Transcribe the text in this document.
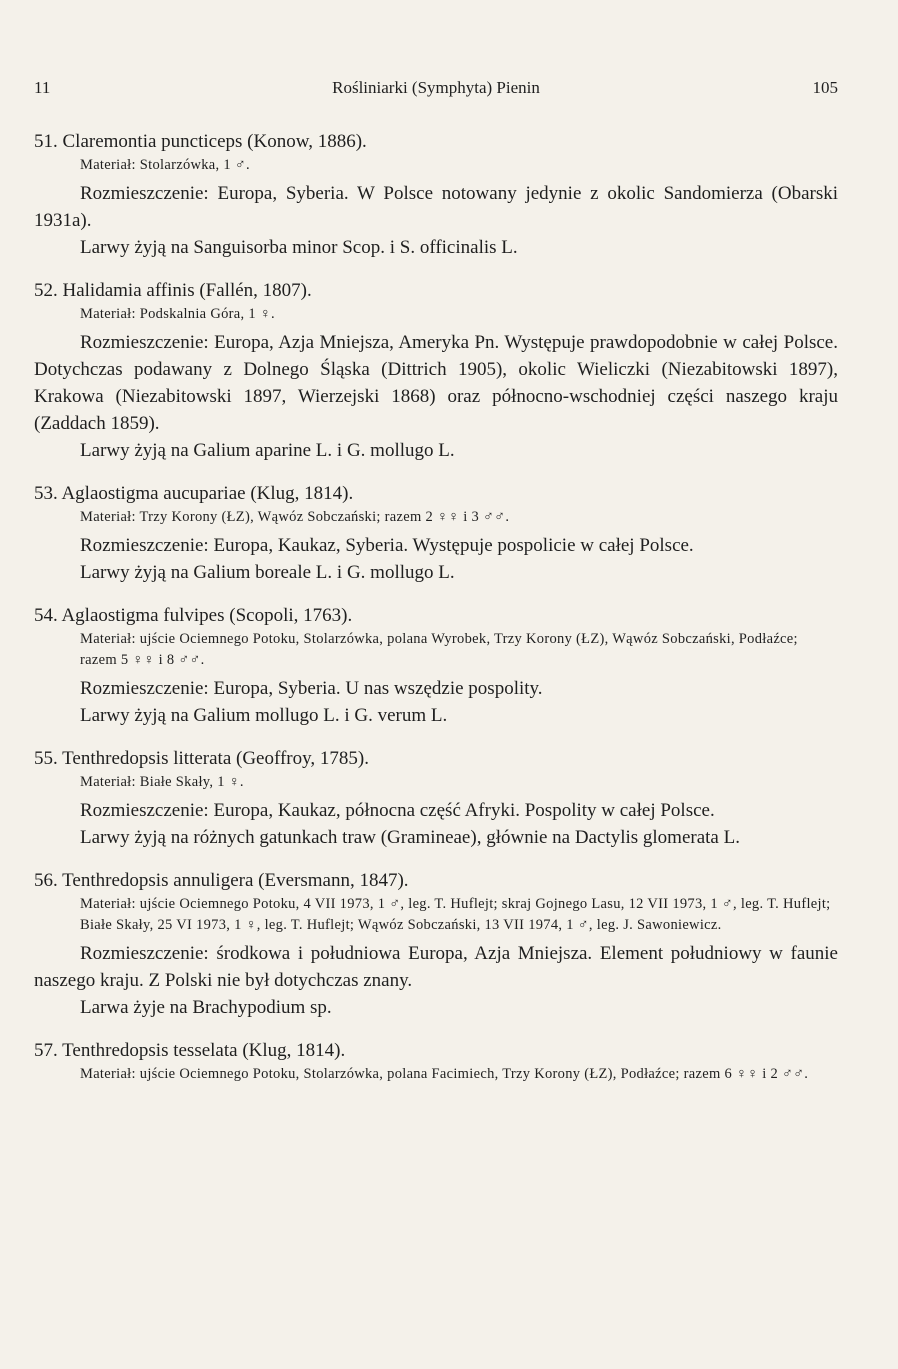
11	Rośliniarki (Symphyta) Pienin	105

51. Claremontia puncticeps (Konow, 1886).

Materiał: Stolarzówka, 1 ♂.

Rozmieszczenie: Europa, Syberia. W Polsce notowany jedynie z okolic Sandomierza (Obarski 1931a).

Larwy żyją na Sanguisorba minor Scop. i S. officinalis L.

52. Halidamia affinis (Fallén, 1807).

Materiał: Podskalnia Góra, 1 ♀.

Rozmieszczenie: Europa, Azja Mniejsza, Ameryka Pn. Występuje prawdopodobnie w całej Polsce. Dotychczas podawany z Dolnego Śląska (Dittrich 1905), okolic Wieliczki (Niezabitowski 1897), Krakowa (Niezabitowski 1897, Wierzejski 1868) oraz północno-wschodniej części naszego kraju (Zaddach 1859).

Larwy żyją na Galium aparine L. i G. mollugo L.

53. Aglaostigma aucupariae (Klug, 1814).

Materiał: Trzy Korony (ŁZ), Wąwóz Sobczański; razem 2 ♀♀ i 3 ♂♂.

Rozmieszczenie: Europa, Kaukaz, Syberia. Występuje pospolicie w całej Polsce.

Larwy żyją na Galium boreale L. i G. mollugo L.

54. Aglaostigma fulvipes (Scopoli, 1763).

Materiał: ujście Ociemnego Potoku, Stolarzówka, polana Wyrobek, Trzy Korony (ŁZ), Wąwóz Sobczański, Podłaźce; razem 5 ♀♀ i 8 ♂♂.

Rozmieszczenie: Europa, Syberia. U nas wszędzie pospolity.

Larwy żyją na Galium mollugo L. i G. verum L.

55. Tenthredopsis litterata (Geoffroy, 1785).

Materiał: Białe Skały, 1 ♀.

Rozmieszczenie: Europa, Kaukaz, północna część Afryki. Pospolity w całej Polsce.

Larwy żyją na różnych gatunkach traw (Gramineae), głównie na Dactylis glomerata L.

56. Tenthredopsis annuligera (Eversmann, 1847).

Materiał: ujście Ociemnego Potoku, 4 VII 1973, 1 ♂, leg. T. Huflejt; skraj Gojnego Lasu, 12 VII 1973, 1 ♂, leg. T. Huflejt; Białe Skały, 25 VI 1973, 1 ♀, leg. T. Huflejt; Wąwóz Sobczański, 13 VII 1974, 1 ♂, leg. J. Sawoniewicz.

Rozmieszczenie: środkowa i południowa Europa, Azja Mniejsza. Element południowy w faunie naszego kraju. Z Polski nie był dotychczas znany.

Larwa żyje na Brachypodium sp.

57. Tenthredopsis tesselata (Klug, 1814).

Materiał: ujście Ociemnego Potoku, Stolarzówka, polana Facimiech, Trzy Korony (ŁZ), Podłaźce; razem 6 ♀♀ i 2 ♂♂.
